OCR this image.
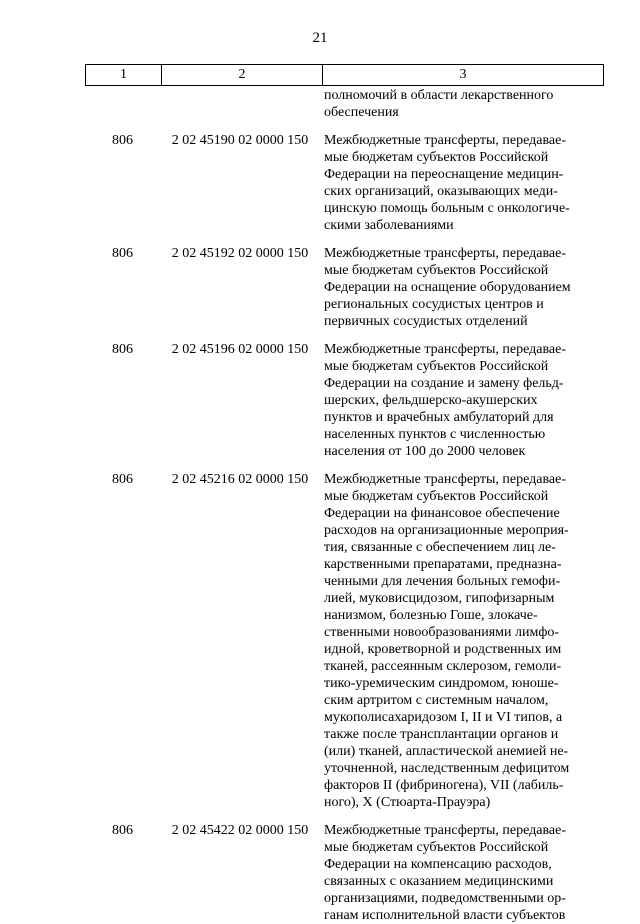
21
1	2	3
полномочий в области лекарственного
обеспечения
806	2 02 45190 02 0000 150	Межбюджетные трансферты, передавае-
мые бюджетам субъектов Российской
Федерации на переоснащение медицин-
ских организаций, оказывающих меди-
цинскую помощь больным с онкологиче-
скими заболеваниями
806	2 02 45192 02 0000 150	Межбюджетные трансферты, передавае-
мые бюджетам субъектов Российской
Федерации на оснащение оборудованием
региональных сосудистых центров и
первичных сосудистых отделений
806	2 02 45196 02 0000 150	Межбюджетные трансферты, передавае-
мые бюджетам субъектов Российской
Федерации на создание и замену фельд-
шерских, фельдшерско-акушерских
пунктов и врачебных амбулаторий для
населенных пунктов с численностью
населения от 100 до 2000 человек
806	2 02 45216 02 0000 150	Межбюджетные трансферты, передавае-
мые бюджетам субъектов Российской
Федерации на финансовое обеспечение
расходов на организационные мероприя-
тия, связанные с обеспечением лиц ле-
карственными препаратами, предназна-
ченными для лечения больных гемофи-
лией, муковисцидозом, гипофизарным
нанизмом, болезнью Гоше, злокаче-
ственными новообразованиями лимфо-
идной, кроветворной и родственных им
тканей, рассеянным склерозом, гемоли-
тико-уремическим синдромом, юноше-
ским артритом с системным началом,
мукополисахаридозом I, II и VI типов, а
также после трансплантации органов и
(или) тканей, апластической анемией не-
уточненной, наследственным дефицитом
факторов II (фибриногена), VII (лабиль-
ного), X (Стюарта-Прауэра)
806	2 02 45422 02 0000 150	Межбюджетные трансферты, передавае-
мые бюджетам субъектов Российской
Федерации на компенсацию расходов,
связанных с оказанием медицинскими
организациями, подведомственными ор-
ганам исполнительной власти субъектов
